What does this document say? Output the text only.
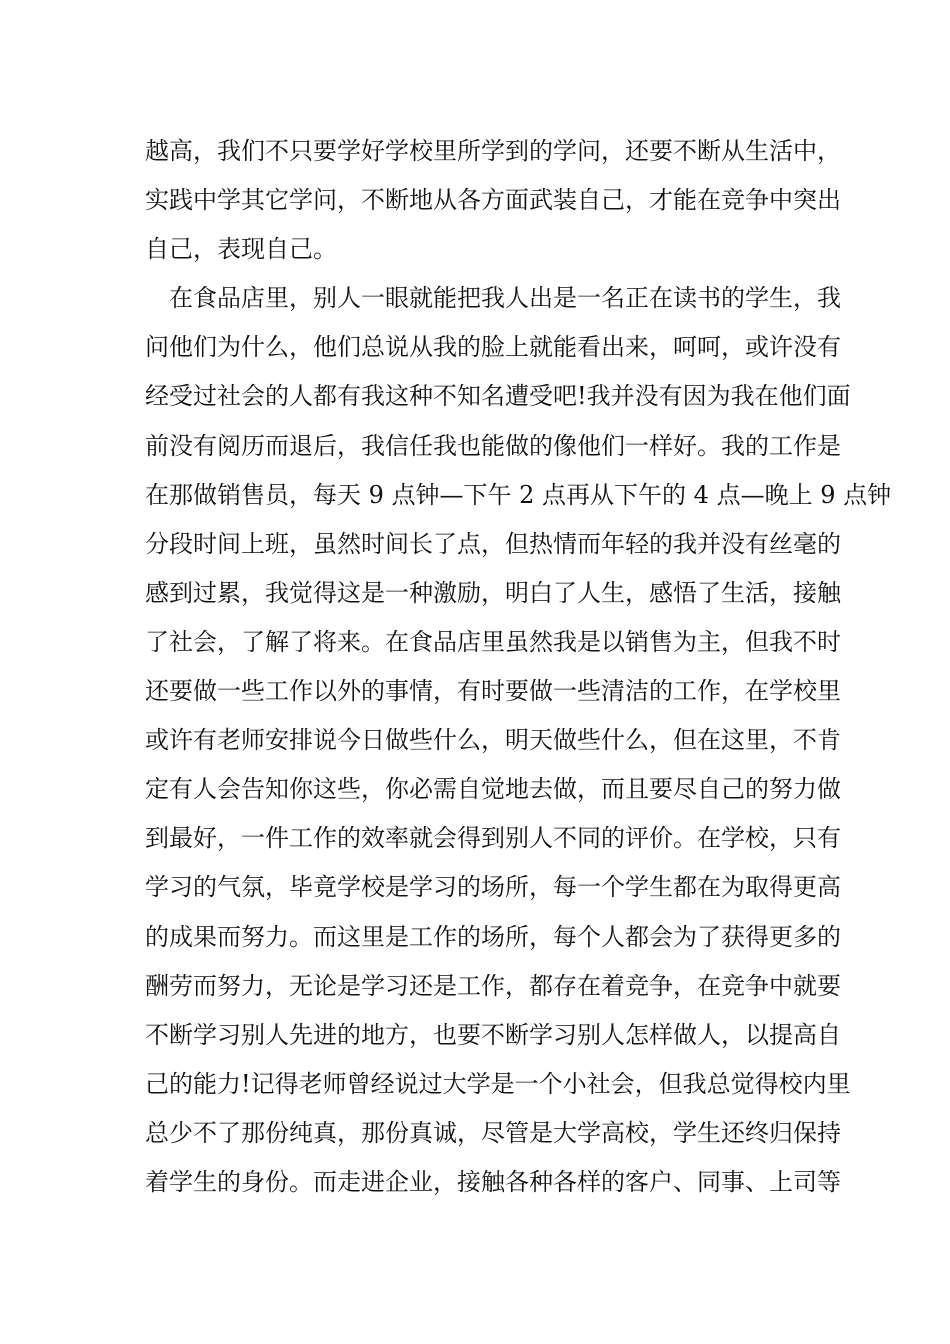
越高，我们不只要学好学校里所学到的学问，还要不断从生活中，
实践中学其它学问，不断地从各方面武装自己，才能在竞争中突出
自己，表现自己。
在食品店里，别人一眼就能把我人出是一名正在读书的学生，我
问他们为什么，他们总说从我的脸上就能看出来，呵呵，或许没有
经受过社会的人都有我这种不知名遭受吧!我并没有因为我在他们面
前没有阅历而退后，我信任我也能做的像他们一样好。我的工作是
在那做销售员，每天 9 点钟—下午 2 点再从下午的 4 点—晚上 9 点钟
分段时间上班，虽然时间长了点，但热情而年轻的我并没有丝毫的
感到过累，我觉得这是一种激励，明白了人生，感悟了生活，接触
了社会，了解了将来。在食品店里虽然我是以销售为主，但我不时
还要做一些工作以外的事情，有时要做一些清洁的工作，在学校里
或许有老师安排说今日做些什么，明天做些什么，但在这里，不肯
定有人会告知你这些，你必需自觉地去做，而且要尽自己的努力做
到最好，一件工作的效率就会得到别人不同的评价。在学校，只有
学习的气氛，毕竟学校是学习的场所，每一个学生都在为取得更高
的成果而努力。而这里是工作的场所，每个人都会为了获得更多的
酬劳而努力，无论是学习还是工作，都存在着竞争，在竞争中就要
不断学习别人先进的地方，也要不断学习别人怎样做人，以提高自
己的能力!记得老师曾经说过大学是一个小社会，但我总觉得校内里
总少不了那份纯真，那份真诚，尽管是大学高校，学生还终归保持
着学生的身份。而走进企业，接触各种各样的客户、同事、上司等
